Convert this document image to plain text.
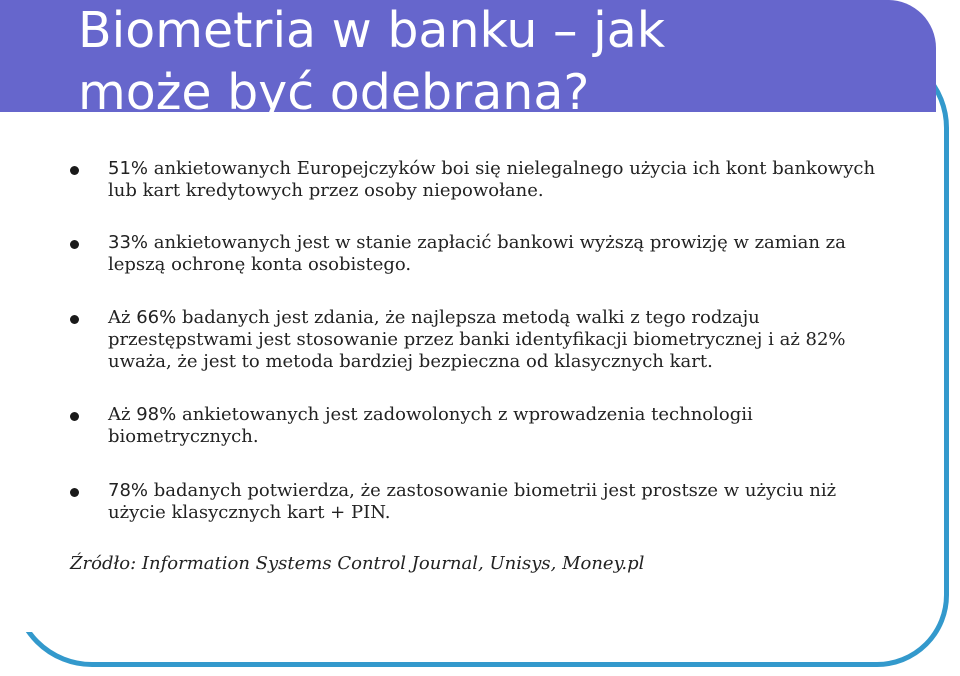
Biometria w banku – jak
może być odebrana?
51% ankietowanych Europejczyków boi się nielegalnego użycia ich kont bankowych lub kart kredytowych przez osoby niepowołane.
33% ankietowanych jest w stanie zapłacić bankowi wyższą prowizję w zamian za lepszą ochronę konta osobistego.
Aż 66% badanych jest zdania, że najlepsza metodą walki z tego rodzaju przestępstwami jest stosowanie przez banki identyfikacji biometrycznej i aż 82% uważa, że jest to metoda bardziej bezpieczna od klasycznych kart.
Aż 98% ankietowanych jest zadowolonych z wprowadzenia technologii biometrycznych.
78% badanych potwierdza, że zastosowanie biometrii jest prostsze w użyciu niż użycie klasycznych kart + PIN.

Źródło: Information Systems Control Journal, Unisys, Money.pl
